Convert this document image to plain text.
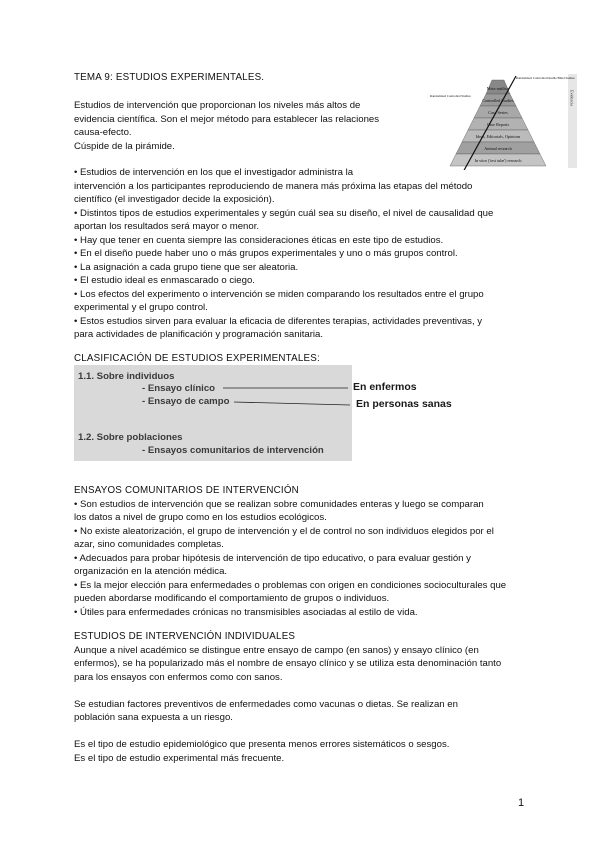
TEMA 9: ESTUDIOS EXPERIMENTALES.
Estudios de intervención que proporcionan los niveles más altos de
evidencia científica. Son el mejor método para establecer las relaciones
causa-efecto.
Cúspide de la pirámide.
Meta-análisis
Controlled Studies
Case Series
Case Reports
Ideas, Editorials, Opinions
Animal research
In vitro ('test tube') research
Randomized Controlled Double Blind Studies
Randomized Controlled Studies	Evidencia
• Estudios de intervención en los que el investigador administra la
intervención a los participantes reproduciendo de manera más próxima las etapas del método
científico (el investigador decide la exposición).
• Distintos tipos de estudios experimentales y según cuál sea su diseño, el nivel de causalidad que
aportan los resultados será mayor o menor.
• Hay que tener en cuenta siempre las consideraciones éticas en este tipo de estudios.
• En el diseño puede haber uno o más grupos experimentales y uno o más grupos control.
• La asignación a cada grupo tiene que ser aleatoria.
• El estudio ideal es enmascarado o ciego.
• Los efectos del experimento o intervención se miden comparando los resultados entre el grupo
experimental y el grupo control.
• Estos estudios sirven para evaluar la eficacia de diferentes terapias, actividades preventivas, y
para actividades de planificación y programación sanitaria.
CLASIFICACIÓN DE ESTUDIOS EXPERIMENTALES:
1.1. Sobre individuos
- Ensayo clínico
- Ensayo de campo
1.2. Sobre poblaciones
- Ensayos comunitarios de intervención
En enfermos
En personas sanas
ENSAYOS COMUNITARIOS DE INTERVENCIÓN
• Son estudios de intervención que se realizan sobre comunidades enteras y luego se comparan
los datos a nivel de grupo como en los estudios ecológicos.
• No existe aleatorización, el grupo de intervención y el de control no son individuos elegidos por el
azar, sino comunidades completas.
• Adecuados para probar hipótesis de intervención de tipo educativo, o para evaluar gestión y
organización en la atención médica.
• Es la mejor elección para enfermedades o problemas con origen en condiciones socioculturales que
pueden abordarse modificando el comportamiento de grupos o individuos.
• Útiles para enfermedades crónicas no transmisibles asociadas al estilo de vida.
ESTUDIOS DE INTERVENCIÓN INDIVIDUALES
Aunque a nivel académico se distingue entre ensayo de campo (en sanos) y ensayo clínico (en
enfermos), se ha popularizado más el nombre de ensayo clínico y se utiliza esta denominación tanto
para los ensayos con enfermos como con sanos.
Se estudian factores preventivos de enfermedades como vacunas o dietas. Se realizan en
población sana expuesta a un riesgo.
Es el tipo de estudio epidemiológico que presenta menos errores sistemáticos o sesgos.
Es el tipo de estudio experimental más frecuente.
1
